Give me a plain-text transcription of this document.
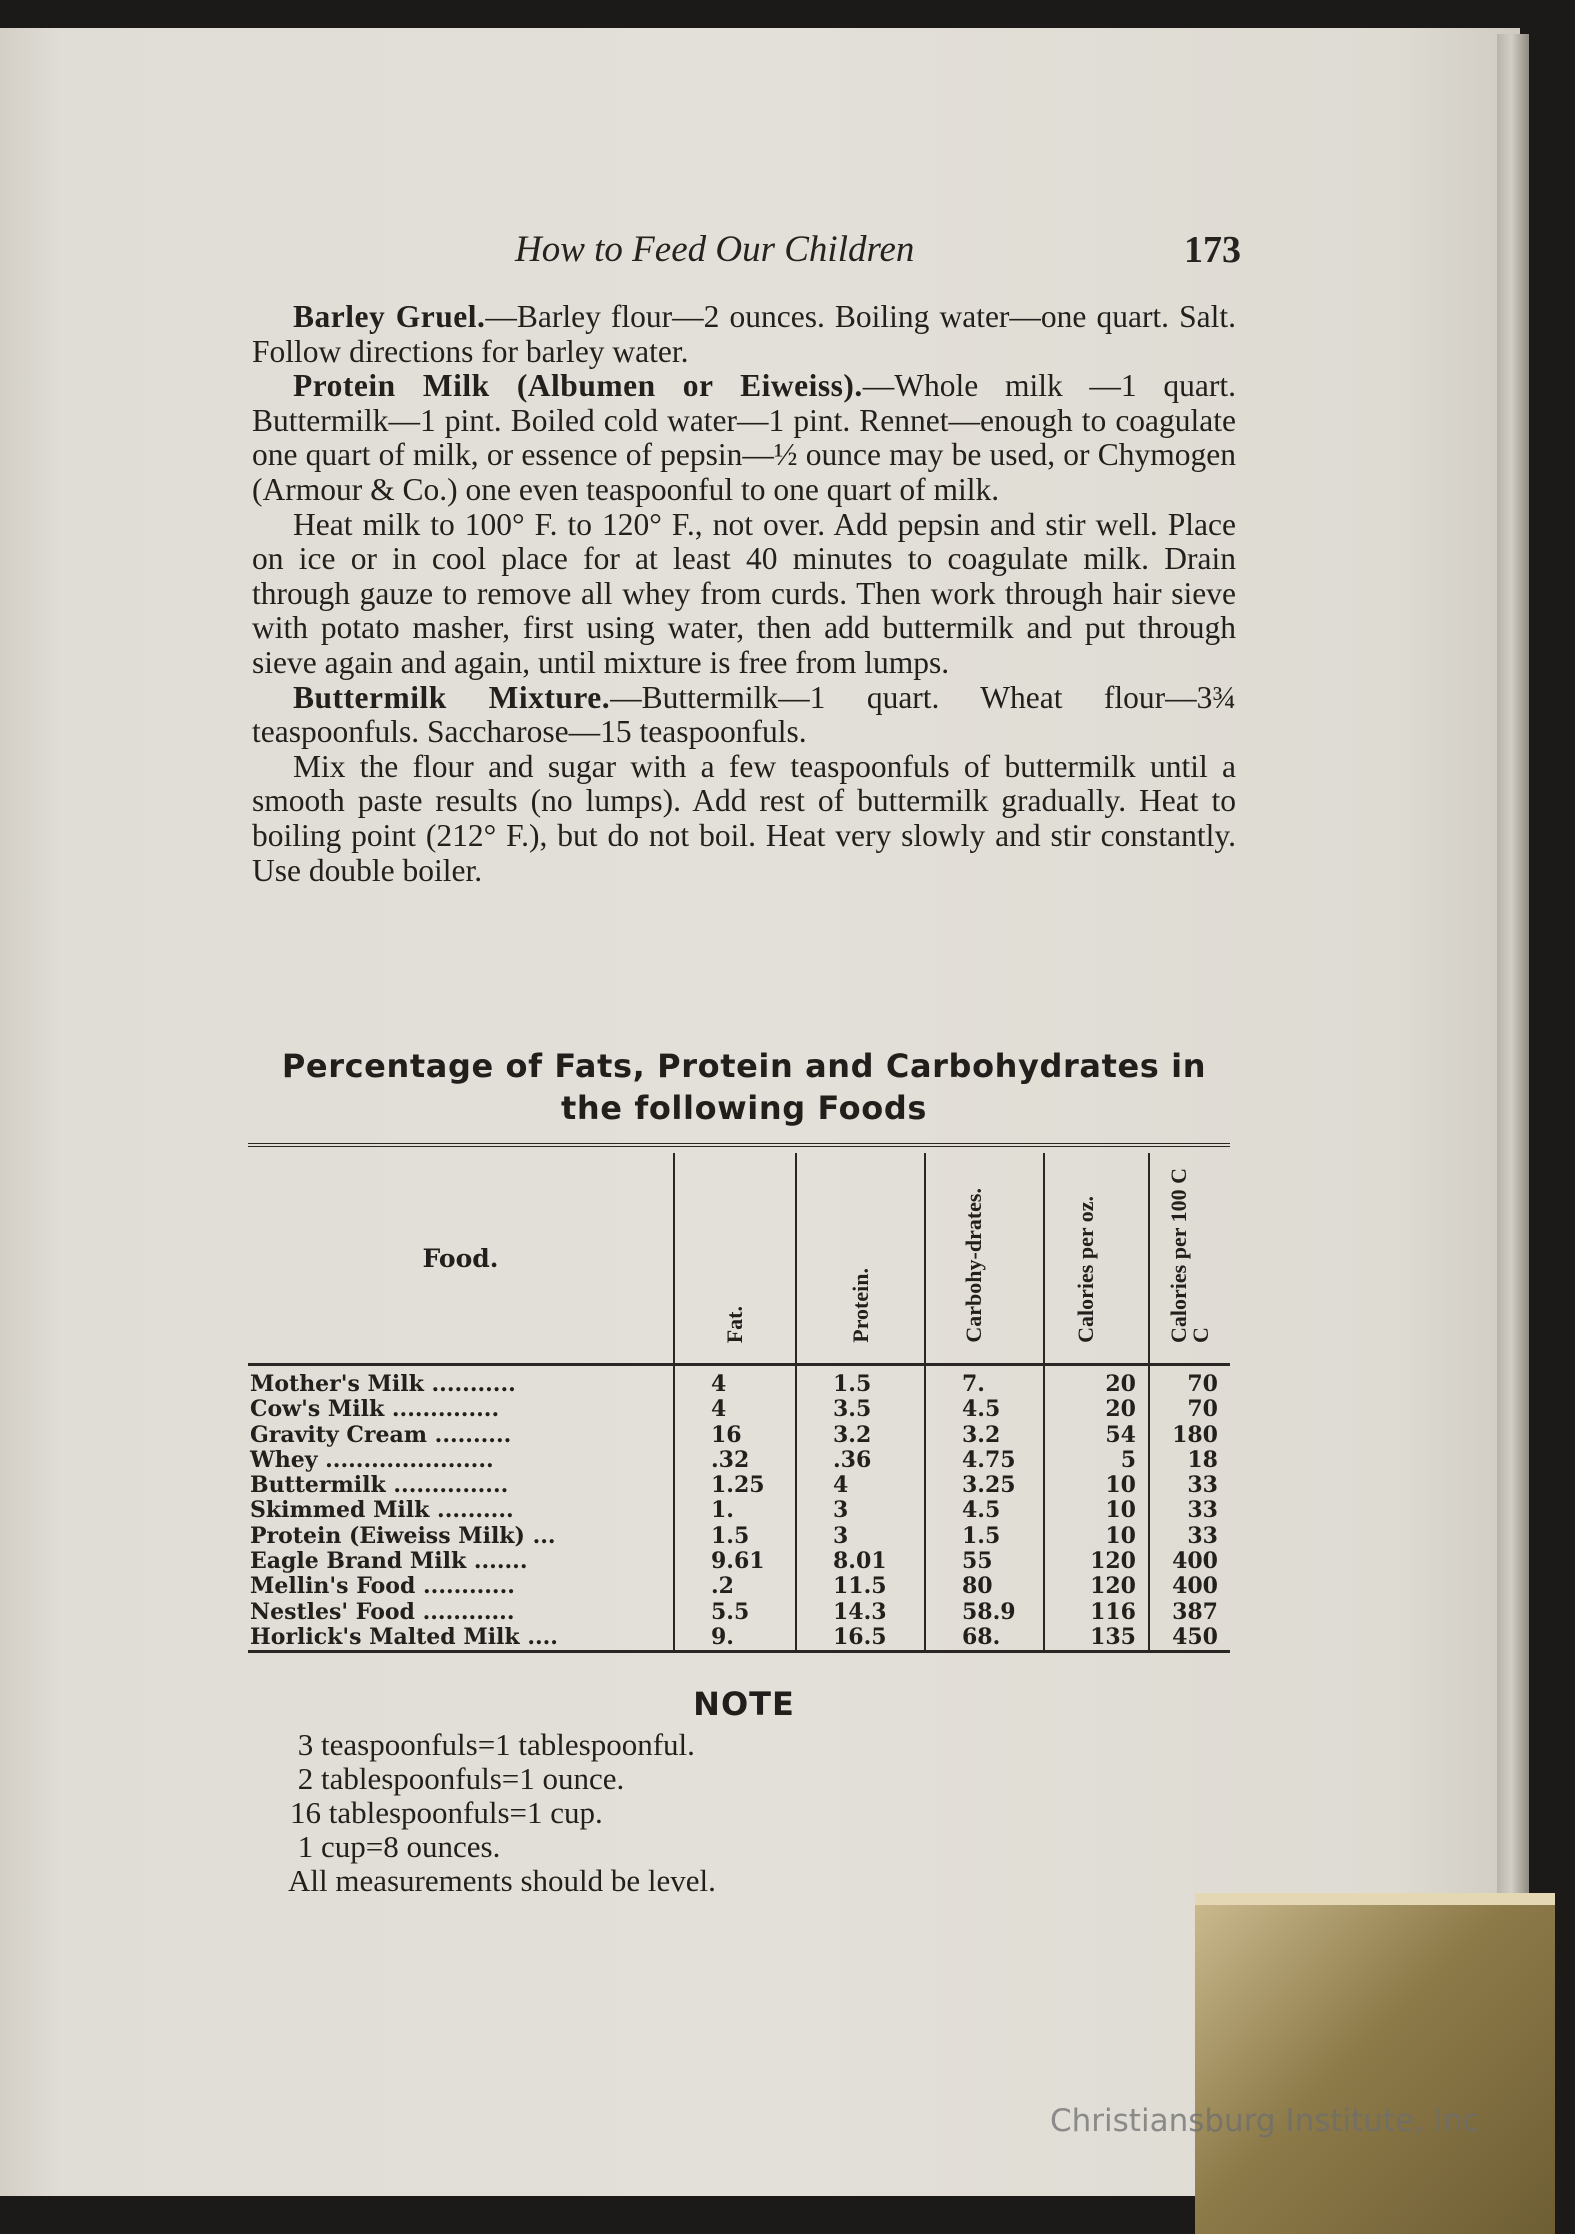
How to Feed Our Children	173

Barley Gruel.—Barley flour—2 ounces. Boiling water—one quart. Salt. Follow directions for barley water.

Protein Milk (Albumen or Eiweiss).—Whole milk —1 quart. Buttermilk—1 pint. Boiled cold water—1 pint. Rennet—enough to coagulate one quart of milk, or essence of pepsin—½ ounce may be used, or Chymogen (Armour & Co.) one even teaspoonful to one quart of milk.

Heat milk to 100° F. to 120° F., not over. Add pepsin and stir well. Place on ice or in cool place for at least 40 minutes to coagulate milk. Drain through gauze to remove all whey from curds. Then work through hair sieve with potato masher, first using water, then add buttermilk and put through sieve again and again, until mixture is free from lumps.

Buttermilk Mixture.—Buttermilk—1 quart. Wheat flour—3¾ teaspoonfuls. Saccharose—15 teaspoonfuls.

Mix the flour and sugar with a few teaspoonfuls of buttermilk until a smooth paste results (no lumps). Add rest of buttermilk gradually. Heat to boiling point (212° F.), but do not boil. Heat very slowly and stir constantly. Use double boiler.

Percentage of Fats, Protein and Carbohydrates in
the following Foods
Food.	Fat.	Protein.	Carbohy-drates.	Calories per oz.	Calories per 100 C C
Mother's Milk ...........	4	1.5	7.	20	70
Cow's Milk ..............	4	3.5	4.5	20	70
Gravity Cream ..........	16	3.2	3.2	54	180
Whey ......................	.32	.36	4.75	5	18
Buttermilk ...............	1.25	4	3.25	10	33
Skimmed Milk ..........	1.	3	4.5	10	33
Protein (Eiweiss Milk) ...	1.5	3	1.5	10	33
Eagle Brand Milk .......	9.61	8.01	55	120	400
Mellin's Food ............	.2	11.5	80	120	400
Nestles' Food ............	5.5	14.3	58.9	116	387
Horlick's Malted Milk ....	9.	16.5	68.	135	450
NOTE
3 teaspoonfuls=1 tablespoonful.
2 tablespoonfuls=1 ounce.
16 tablespoonfuls=1 cup.
1 cup=8 ounces.
All measurements should be level.
Christiansburg Institute, Inc
